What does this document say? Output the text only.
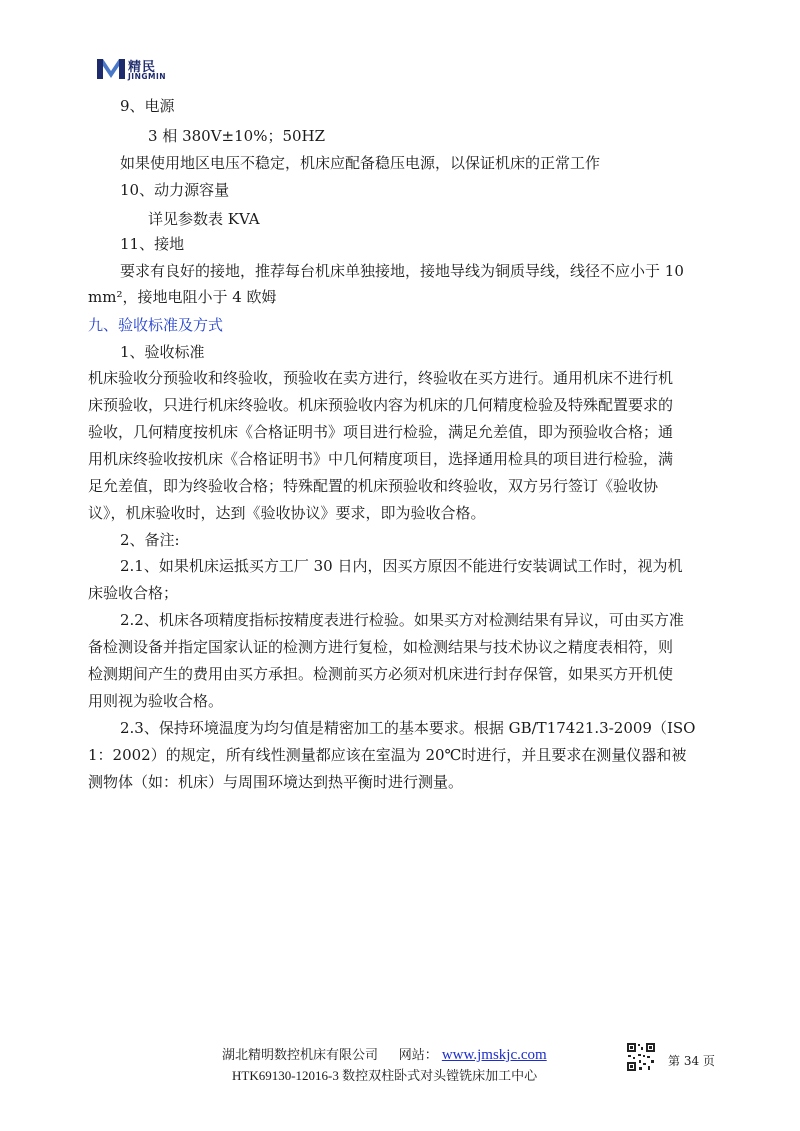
精民
JINGMIN
9、电源
3 相 380V±10%；50HZ
如果使用地区电压不稳定，机床应配备稳压电源，以保证机床的正常工作
10、动力源容量
详见参数表 KVA
11、接地
要求有良好的接地，推荐每台机床单独接地，接地导线为铜质导线，线径不应小于 10
mm²，接地电阻小于 4 欧姆
九、验收标准及方式
1、验收标准
机床验收分预验收和终验收，预验收在卖方进行，终验收在买方进行。通用机床不进行机
床预验收，只进行机床终验收。机床预验收内容为机床的几何精度检验及特殊配置要求的
验收，几何精度按机床《合格证明书》项目进行检验，满足允差值，即为预验收合格；通
用机床终验收按机床《合格证明书》中几何精度项目，选择通用检具的项目进行检验，满
足允差值，即为终验收合格；特殊配置的机床预验收和终验收，双方另行签订《验收协
议》，机床验收时，达到《验收协议》要求，即为验收合格。
2、备注:
2.1、如果机床运抵买方工厂 30 日内，因买方原因不能进行安装调试工作时，视为机
床验收合格；
2.2、机床各项精度指标按精度表进行检验。如果买方对检测结果有异议，可由买方准
备检测设备并指定国家认证的检测方进行复检，如检测结果与技术协议之精度表相符，则
检测期间产生的费用由买方承担。检测前买方必须对机床进行封存保管，如果买方开机使
用则视为验收合格。
2.3、保持环境温度为均匀值是精密加工的基本要求。根据 GB/T17421.3-2009（ISO
1：2002）的规定，所有线性测量都应该在室温为 20℃时进行，并且要求在测量仪器和被
测物体（如：机床）与周围环境达到热平衡时进行测量。
湖北精明数控机床有限公司 网站： www.jmskjc.com
HTK69130-12016-3 数控双柱卧式对头镗铣床加工中心
第 34 页
